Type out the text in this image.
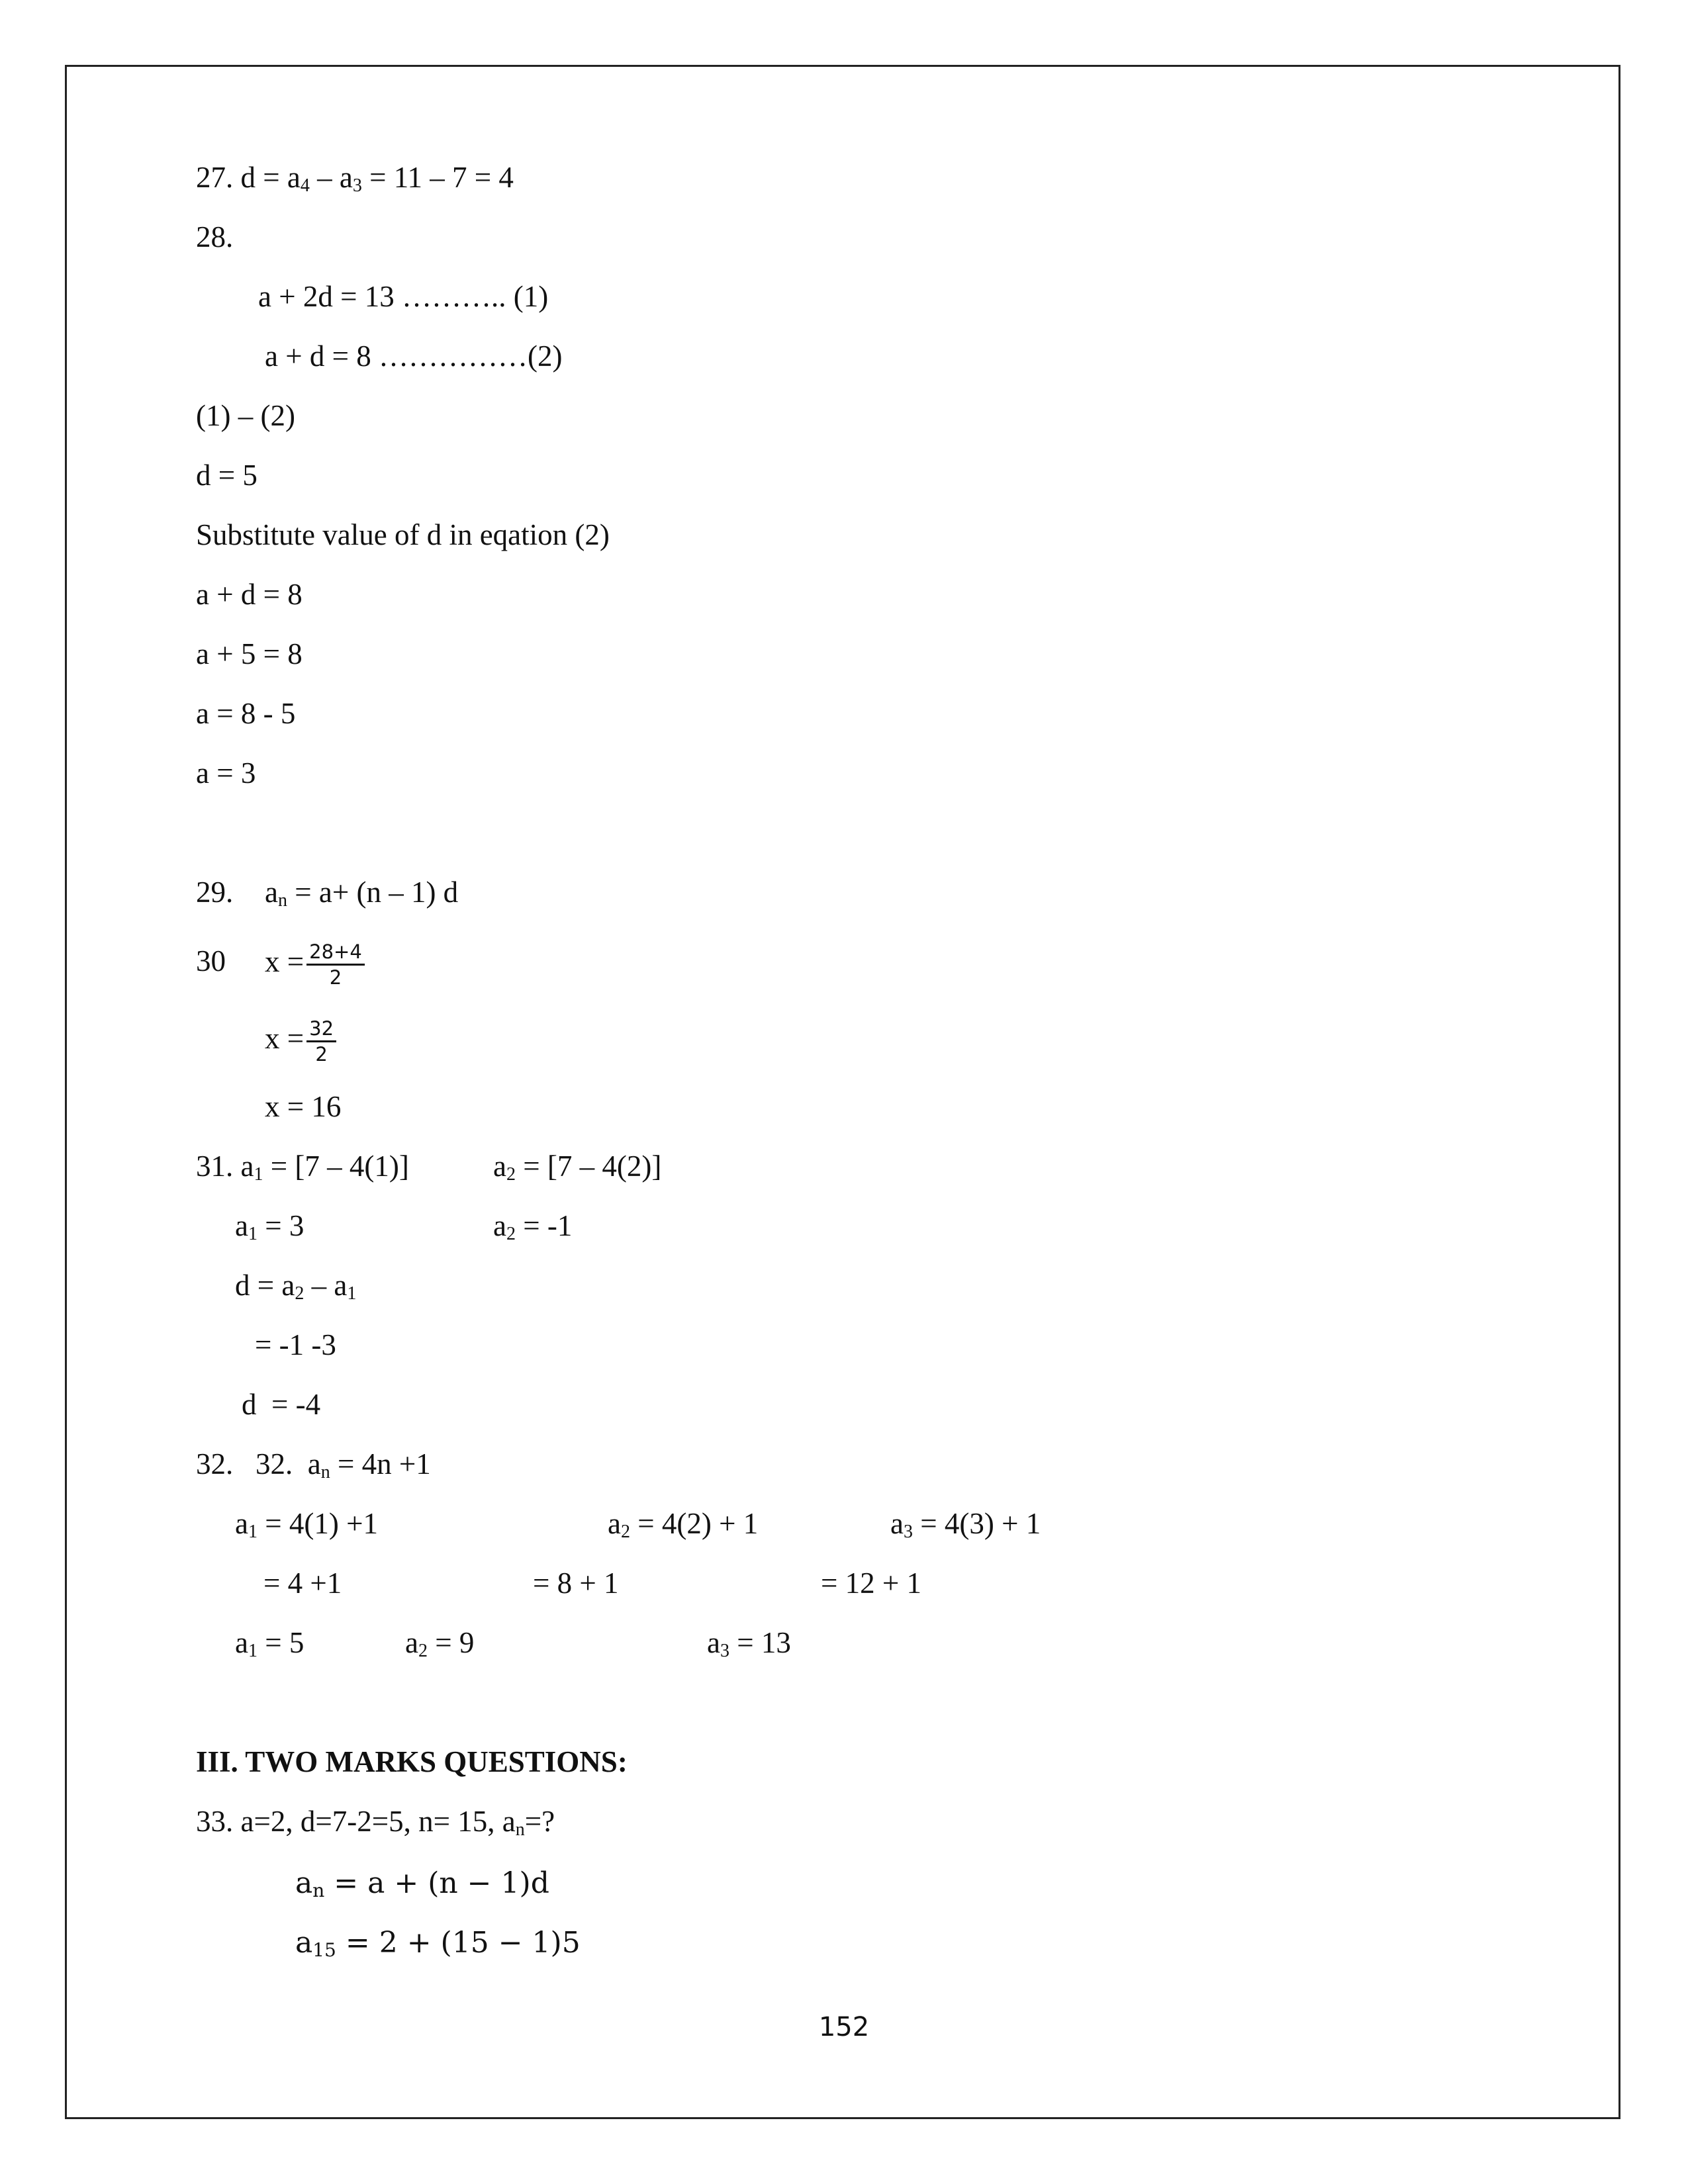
27. $d = a_4 - a_3 = 11 - 7 = 4$
28.
a + 2d = 13 ……….. (1)
a + d = 8 ……………(2)
(1) – (2)
d = 5
Substitute value of d in eqation (2)
a + d = 8
a + 5 = 8
a = 8 - 5
a = 3
29. $a_n = a+ (n - 1)$ d
30 $x = \frac{28+4}{2}$
$x = \frac{32}{2}$
x = 16
31. $a_1 = [7 - 4(1)]$	$a_2 = [7 - 4(2)]$
$a_1 = 3$	$a_2 = -1$
$d = a_2 - a_1$
= -1 -3
d  = -4
32.   32.  $a_n = 4n +1$
$a_1 = 4(1) +1$	$a_2 = 4(2) + 1$	$a_3 = 4(3) + 1$
= 4 +1	= 8 + 1	= 12 + 1
$a_1 = 5$	$a_2 = 9$	$a_3 = 13$
III. TWO MARKS QUESTIONS:
33. a=2, d=7-2=5, n= 15, $a_n=$?
$a_n = a + (n - 1)d$
$a_{15} = 2 + (15 - 1)5$
152
